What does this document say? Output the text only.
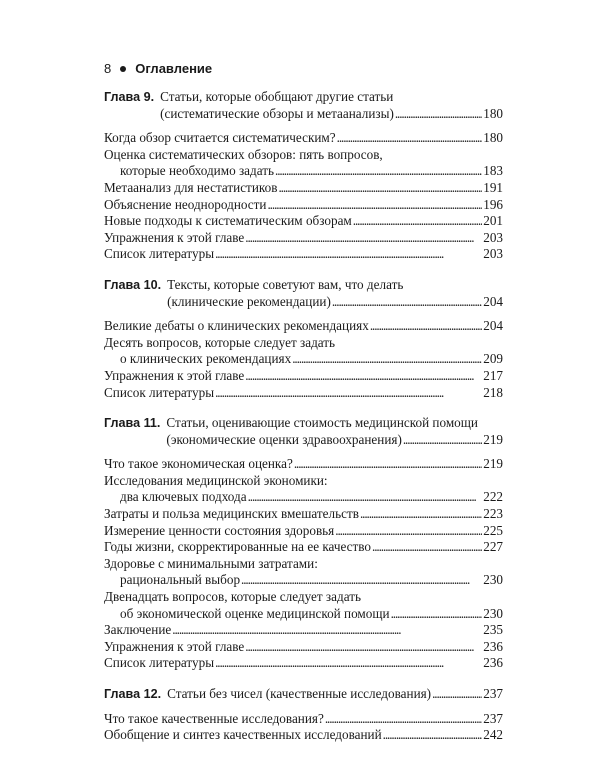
8 Оглавление
Глава 9. Статьи, которые обобщают другие статьи
(систематические обзоры и метаанализы) . . .	180
Когда обзор считается систематическим? . . .	180
Оценка систематических обзоров: пять вопросов,
которые необходимо задать . . .	183
Метаанализ для нестатистиков . . .	191
Объяснение неоднородности . . .	196
Новые подходы к систематическим обзорам . . .	201
Упражнения к этой главе . . .	203
Список литературы . . .	203
Глава 10. Тексты, которые советуют вам, что делать
(клинические рекомендации) . . .	204
Великие дебаты о клинических рекомендациях . . .	204
Десять вопросов, которые следует задать
о клинических рекомендациях . . .	209
Упражнения к этой главе . . .	217
Список литературы . . .	218
Глава 11. Статьи, оценивающие стоимость медицинской помощи
(экономические оценки здравоохранения) . . .	219
Что такое экономическая оценка? . . .	219
Исследования медицинской экономики:
два ключевых подхода . . .	222
Затраты и польза медицинских вмешательств . . .	223
Измерение ценности состояния здоровья . . .	225
Годы жизни, скорректированные на ее качество . . .	227
Здоровье с минимальными затратами:
рациональный выбор . . .	230
Двенадцать вопросов, которые следует задать
об экономической оценке медицинской помощи . . .	230
Заключение . . .	235
Упражнения к этой главе . . .	236
Список литературы . . .	236
Глава 12. Статьи без чисел (качественные исследования) . . .	237
Что такое качественные исследования? . . .	237
Обобщение и синтез качественных исследований . . .	242
